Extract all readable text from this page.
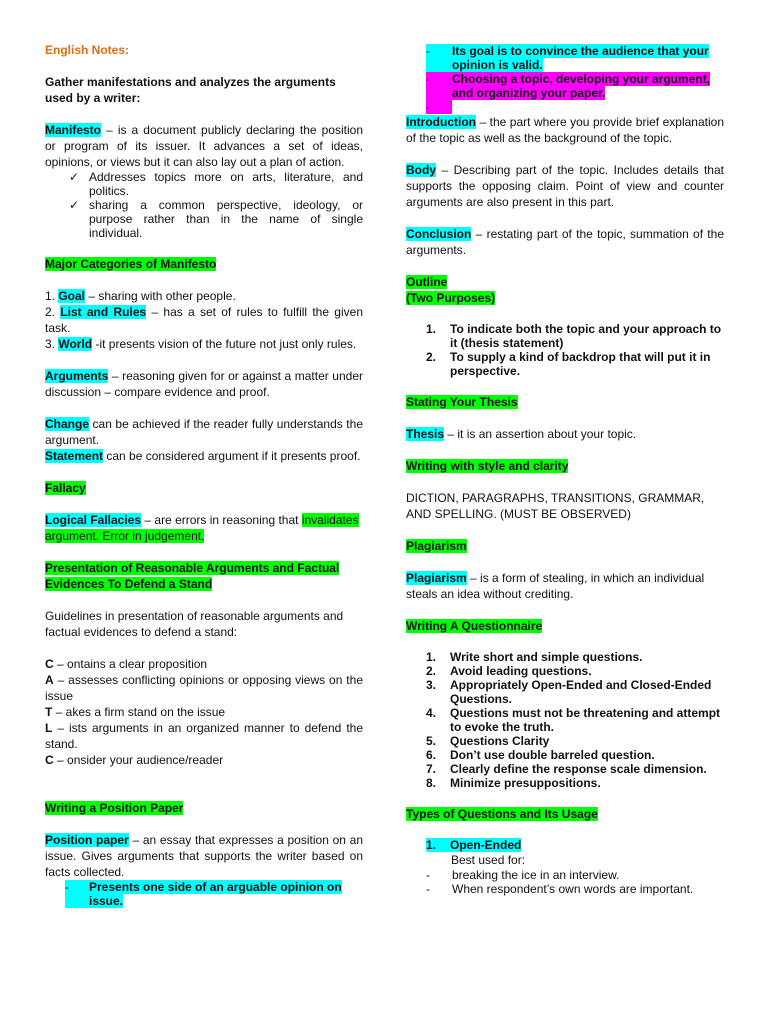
English Notes:

Gather manifestations and analyzes the arguments used by a writer:

Manifesto – is a document publicly declaring the position or program of its issuer. It advances a set of ideas, opinions, or views but it can also lay out a plan of action.

✓ Addresses topics more on arts, literature, and politics.
✓ sharing a common perspective, ideology, or purpose rather than in the name of single individual.

Major Categories of Manifesto

1. Goal – sharing with other people.

2. List and Rules – has a set of rules to fulfill the given task.

3. World -it presents vision of the future not just only rules.

Arguments – reasoning given for or against a matter under discussion – compare evidence and proof.

Change can be achieved if the reader fully understands the argument.

Statement can be considered argument if it presents proof.

Fallacy

Logical Fallacies – are errors in reasoning that invalidates argument. Error in judgement.

Presentation of Reasonable Arguments and Factual Evidences To Defend a Stand

Guidelines in presentation of reasonable arguments and factual evidences to defend a stand:

C – ontains a clear proposition

A – assesses conflicting opinions or opposing views on the issue

T – akes a firm stand on the issue

L – ists arguments in an organized manner to defend the stand.

C – onsider your audience/reader

Writing a Position Paper

Position paper – an essay that expresses a position on an issue. Gives arguments that supports the writer based on facts collected.

-	Presents one side of an arguable opinion on issue.
-	Its goal is to convince the audience that your opinion is valid.
-	Choosing a topic, developing your argument, and organizing your paper.
-

Introduction – the part where you provide brief explanation of the topic as well as the background of the topic.

Body – Describing part of the topic. Includes details that supports the opposing claim. Point of view and counter arguments are also present in this part.

Conclusion – restating part of the topic, summation of the arguments.

Outline

(Two Purposes)

1.	To indicate both the topic and your approach to it (thesis statement)
2.	To supply a kind of backdrop that will put it in perspective.

Stating Your Thesis

Thesis – it is an assertion about your topic.

Writing with style and clarity

DICTION, PARAGRAPHS, TRANSITIONS, GRAMMAR, AND SPELLING. (MUST BE OBSERVED)

Plagiarism

Plagiarism – is a form of stealing, in which an individual steals an idea without crediting.

Writing A Questionnaire

1.	Write short and simple questions.
2.	Avoid leading questions.
3.	Appropriately Open-Ended and Closed-Ended Questions.
4.	Questions must not be threatening and attempt to evoke the truth.
5.	Questions Clarity
6.	Don’t use double barreled question.
7.	Clearly define the response scale dimension.
8.	Minimize presuppositions.

Types of Questions and Its Usage

1.	Open-Ended

Best used for:

-	breaking the ice in an interview.
-	When respondent’s own words are important.
